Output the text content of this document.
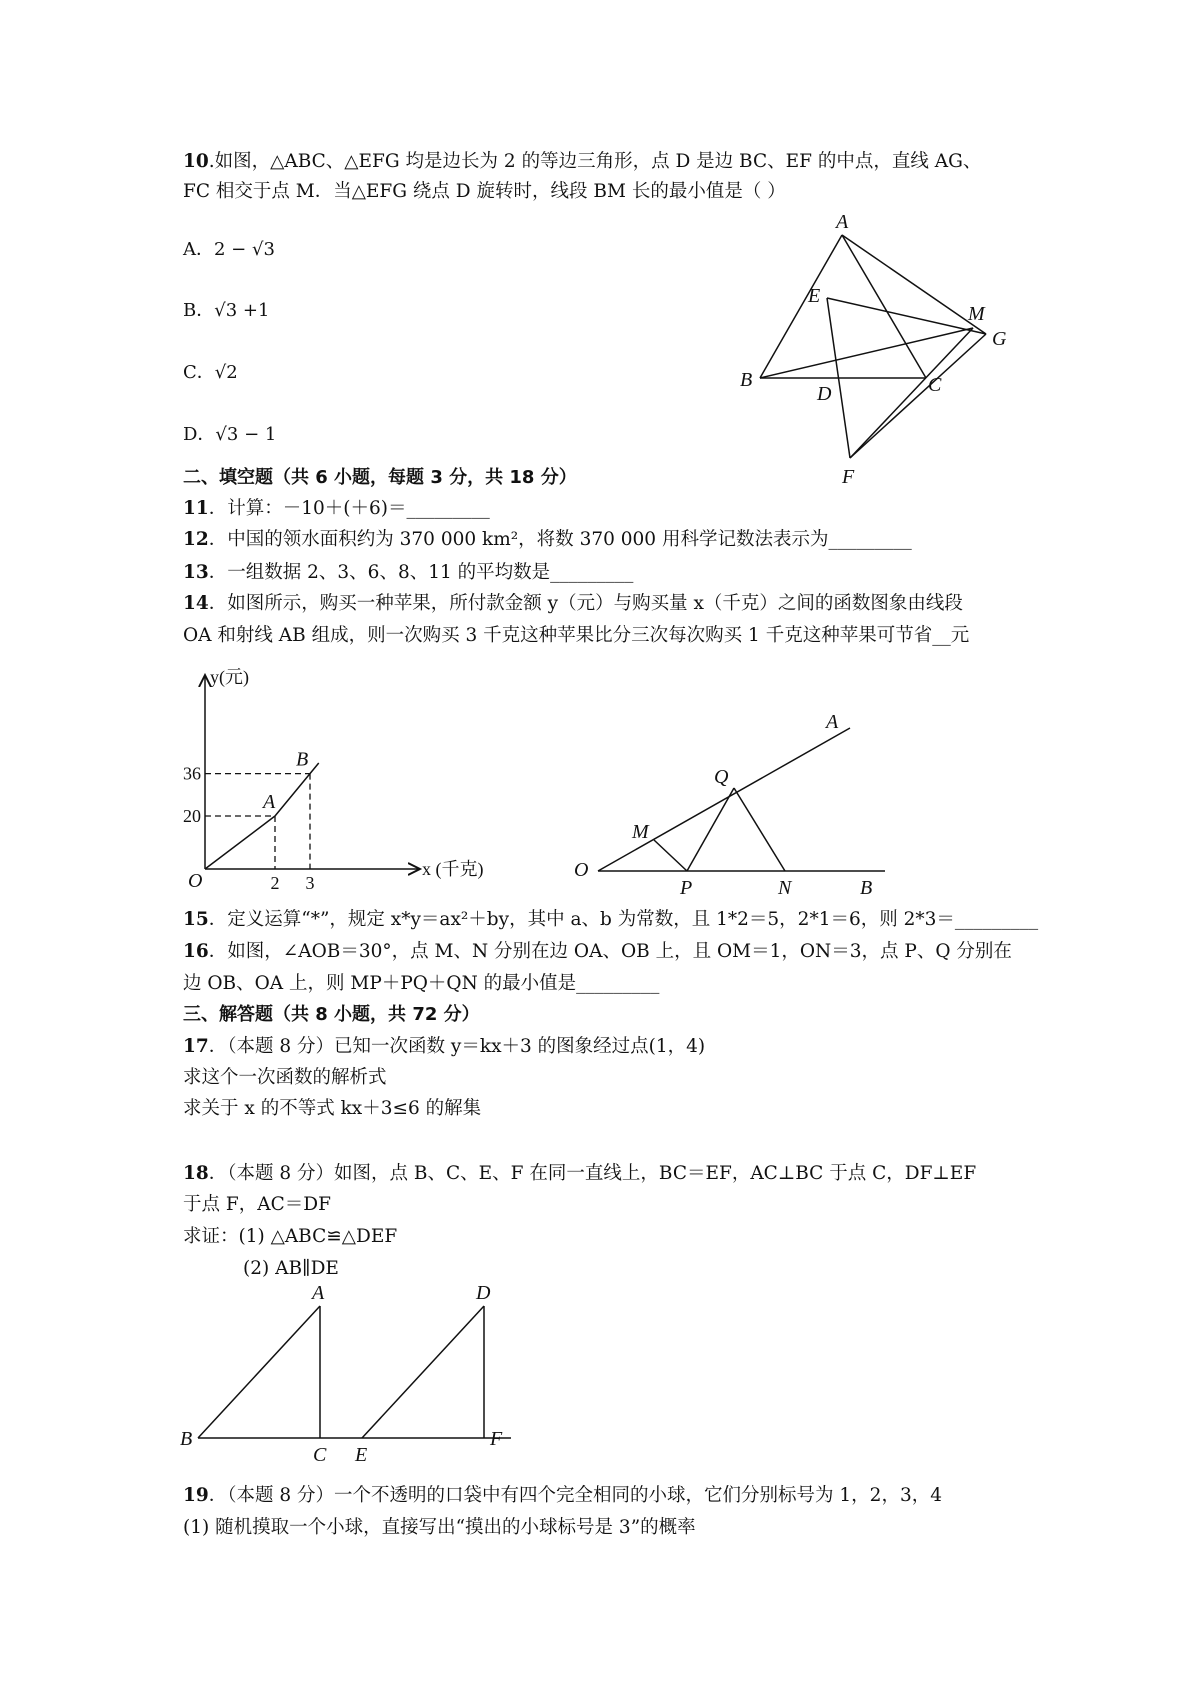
10.如图，△ABC、△EFG 均是边长为 2 的等边三角形，点 D 是边 BC、EF 的中点，直线 AG、
FC 相交于点 M．当△EFG 绕点 D 旋转时，线段 BM 长的最小值是（ ）
A．2 − √3
B．√3 +1
C．√2
D．√3 − 1
A
E
M
G
B
D	C
F
二、填空题（共 6 小题，每题 3 分，共 18 分）
11．计算：－10＋(＋6)＝_________
12．中国的领水面积约为 370 000 km²，将数 370 000 用科学记数法表示为_________
13．一组数据 2、3、6、8、11 的平均数是_________
14．如图所示，购买一种苹果，所付款金额 y（元）与购买量 x（千克）之间的函数图象由线段
OA 和射线 AB 组成，则一次购买 3 千克这种苹果比分三次每次购买 1 千克这种苹果可节省__元
A
B
O	2 3
20
36
y(元)
x (千克)
A
Q
M
O
P	N	B
15．定义运算“*”，规定 x*y＝ax²＋by，其中 a、b 为常数，且 1*2＝5，2*1＝6，则 2*3＝_________
16．如图，∠AOB＝30°，点 M、N 分别在边 OA、OB 上，且 OM＝1，ON＝3，点 P、Q 分别在
边 OB、OA 上，则 MP＋PQ＋QN 的最小值是_________
三、解答题（共 8 小题，共 72 分）
17．（本题 8 分）已知一次函数 y＝kx＋3 的图象经过点(1，4)
求这个一次函数的解析式
求关于 x 的不等式 kx＋3≤6 的解集
18．（本题 8 分）如图，点 B、C、E、F 在同一直线上，BC＝EF，AC⊥BC 于点 C，DF⊥EF
于点 F，AC＝DF
求证：(1) △ABC≌△DEF
(2) AB∥DE
A	D
B
C E
F
19．（本题 8 分）一个不透明的口袋中有四个完全相同的小球，它们分别标号为 1，2，3，4
(1) 随机摸取一个小球，直接写出“摸出的小球标号是 3”的概率
